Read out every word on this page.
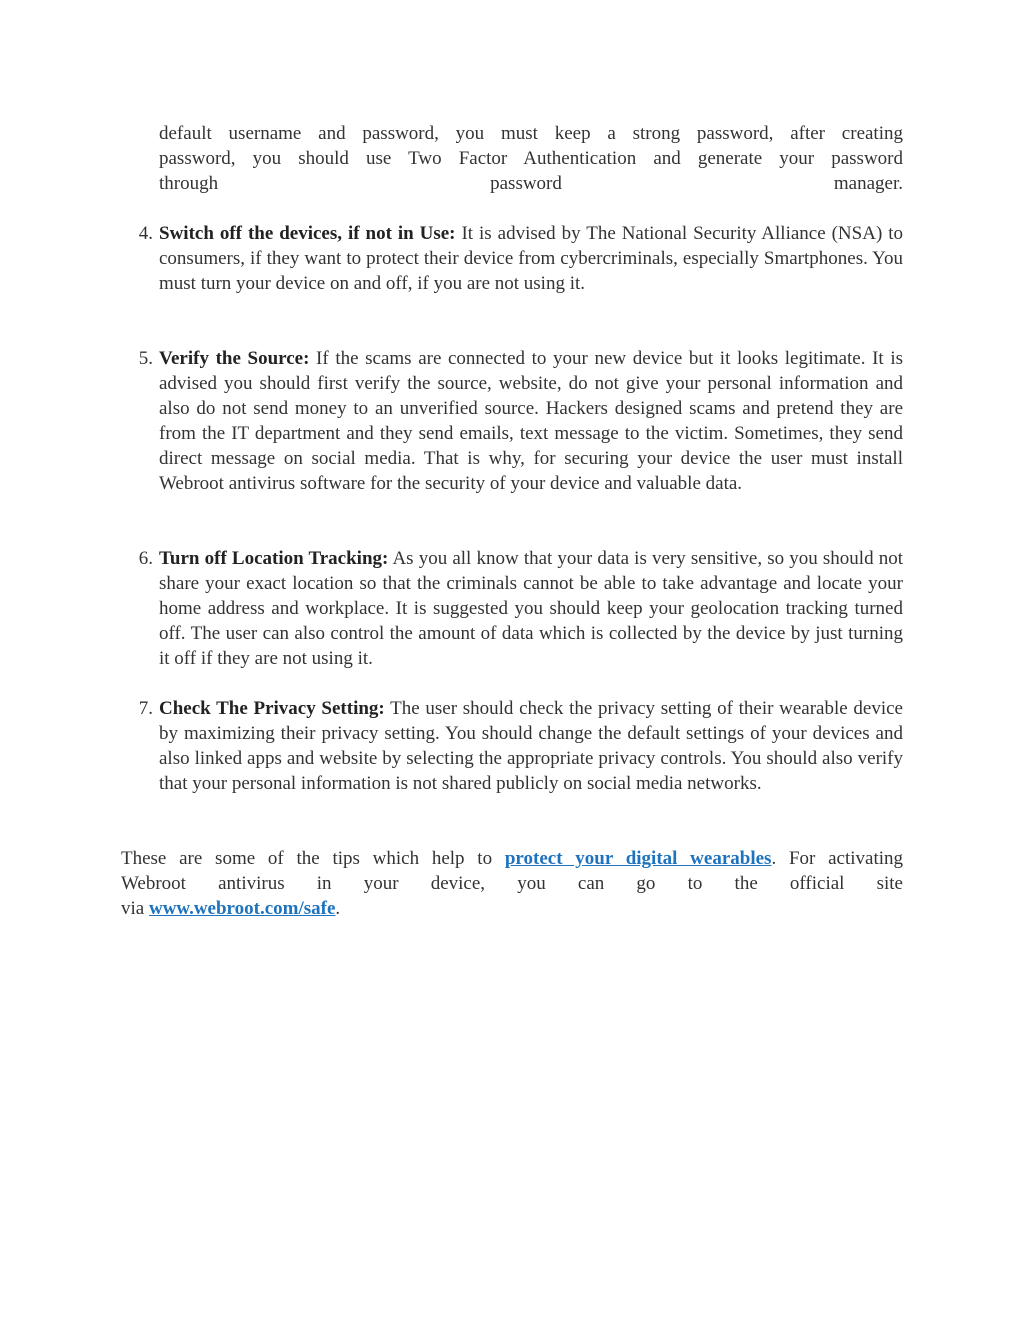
default username and password, you must keep a strong password, after creating
password, you should use Two Factor Authentication and generate your password
through password manager.
4. Switch off the devices, if not in Use: It is advised by The National Security Alliance (NSA) to consumers, if they want to protect their device from cybercriminals, especially Smartphones. You must turn your device on and off, if you are not using it.
5. Verify the Source: If the scams are connected to your new device but it looks legitimate. It is advised you should first verify the source, website, do not give your personal information and also do not send money to an unverified source. Hackers designed scams and pretend they are from the IT department and they send emails, text message to the victim. Sometimes, they send direct message on social media. That is why, for securing your device the user must install Webroot antivirus software for the security of your device and valuable data.
6. Turn off Location Tracking: As you all know that your data is very sensitive, so you should not share your exact location so that the criminals cannot be able to take advantage and locate your home address and workplace. It is suggested you should keep your geolocation tracking turned off. The user can also control the amount of data which is collected by the device by just turning it off if they are not using it.
7. Check The Privacy Setting: The user should check the privacy setting of their wearable device by maximizing their privacy setting. You should change the default settings of your devices and also linked apps and website by selecting the appropriate privacy controls. You should also verify that your personal information is not shared publicly on social media networks.
These are some of the tips which help to protect your digital wearables. For activating
Webroot antivirus in your device, you can go to the official site
via www.webroot.com/safe.
